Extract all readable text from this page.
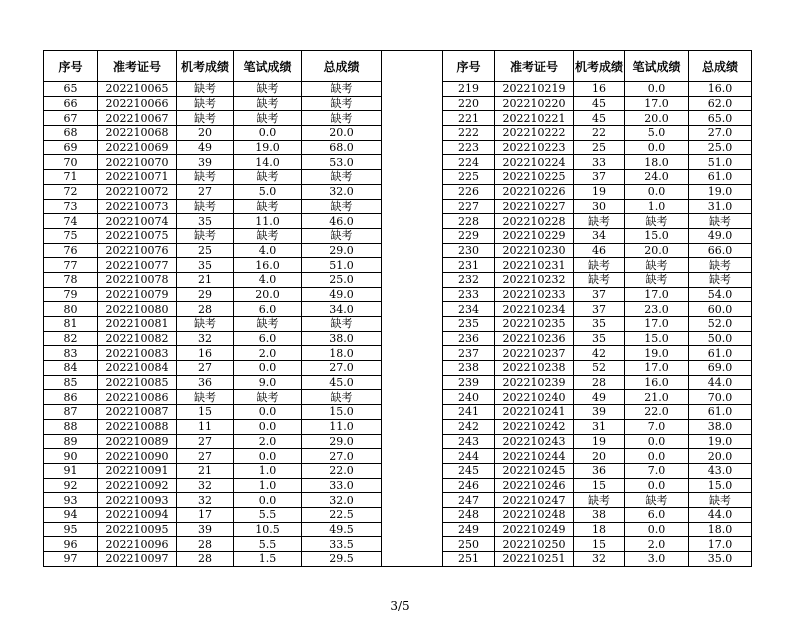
序号	准考证号	机考成绩	笔试成绩	总成绩		序号	准考证号	机考成绩	笔试成绩	总成绩
65	202210065	缺考	缺考	缺考		219	202210219	16	0.0	16.0
66	202210066	缺考	缺考	缺考		220	202210220	45	17.0	62.0
67	202210067	缺考	缺考	缺考		221	202210221	45	20.0	65.0
68	202210068	20	0.0	20.0		222	202210222	22	5.0	27.0
69	202210069	49	19.0	68.0		223	202210223	25	0.0	25.0
70	202210070	39	14.0	53.0		224	202210224	33	18.0	51.0
71	202210071	缺考	缺考	缺考		225	202210225	37	24.0	61.0
72	202210072	27	5.0	32.0		226	202210226	19	0.0	19.0
73	202210073	缺考	缺考	缺考		227	202210227	30	1.0	31.0
74	202210074	35	11.0	46.0		228	202210228	缺考	缺考	缺考
75	202210075	缺考	缺考	缺考		229	202210229	34	15.0	49.0
76	202210076	25	4.0	29.0		230	202210230	46	20.0	66.0
77	202210077	35	16.0	51.0		231	202210231	缺考	缺考	缺考
78	202210078	21	4.0	25.0		232	202210232	缺考	缺考	缺考
79	202210079	29	20.0	49.0		233	202210233	37	17.0	54.0
80	202210080	28	6.0	34.0		234	202210234	37	23.0	60.0
81	202210081	缺考	缺考	缺考		235	202210235	35	17.0	52.0
82	202210082	32	6.0	38.0		236	202210236	35	15.0	50.0
83	202210083	16	2.0	18.0		237	202210237	42	19.0	61.0
84	202210084	27	0.0	27.0		238	202210238	52	17.0	69.0
85	202210085	36	9.0	45.0		239	202210239	28	16.0	44.0
86	202210086	缺考	缺考	缺考		240	202210240	49	21.0	70.0
87	202210087	15	0.0	15.0		241	202210241	39	22.0	61.0
88	202210088	11	0.0	11.0		242	202210242	31	7.0	38.0
89	202210089	27	2.0	29.0		243	202210243	19	0.0	19.0
90	202210090	27	0.0	27.0		244	202210244	20	0.0	20.0
91	202210091	21	1.0	22.0		245	202210245	36	7.0	43.0
92	202210092	32	1.0	33.0		246	202210246	15	0.0	15.0
93	202210093	32	0.0	32.0		247	202210247	缺考	缺考	缺考
94	202210094	17	5.5	22.5		248	202210248	38	6.0	44.0
95	202210095	39	10.5	49.5		249	202210249	18	0.0	18.0
96	202210096	28	5.5	33.5		250	202210250	15	2.0	17.0
97	202210097	28	1.5	29.5		251	202210251	32	3.0	35.0
3/5
